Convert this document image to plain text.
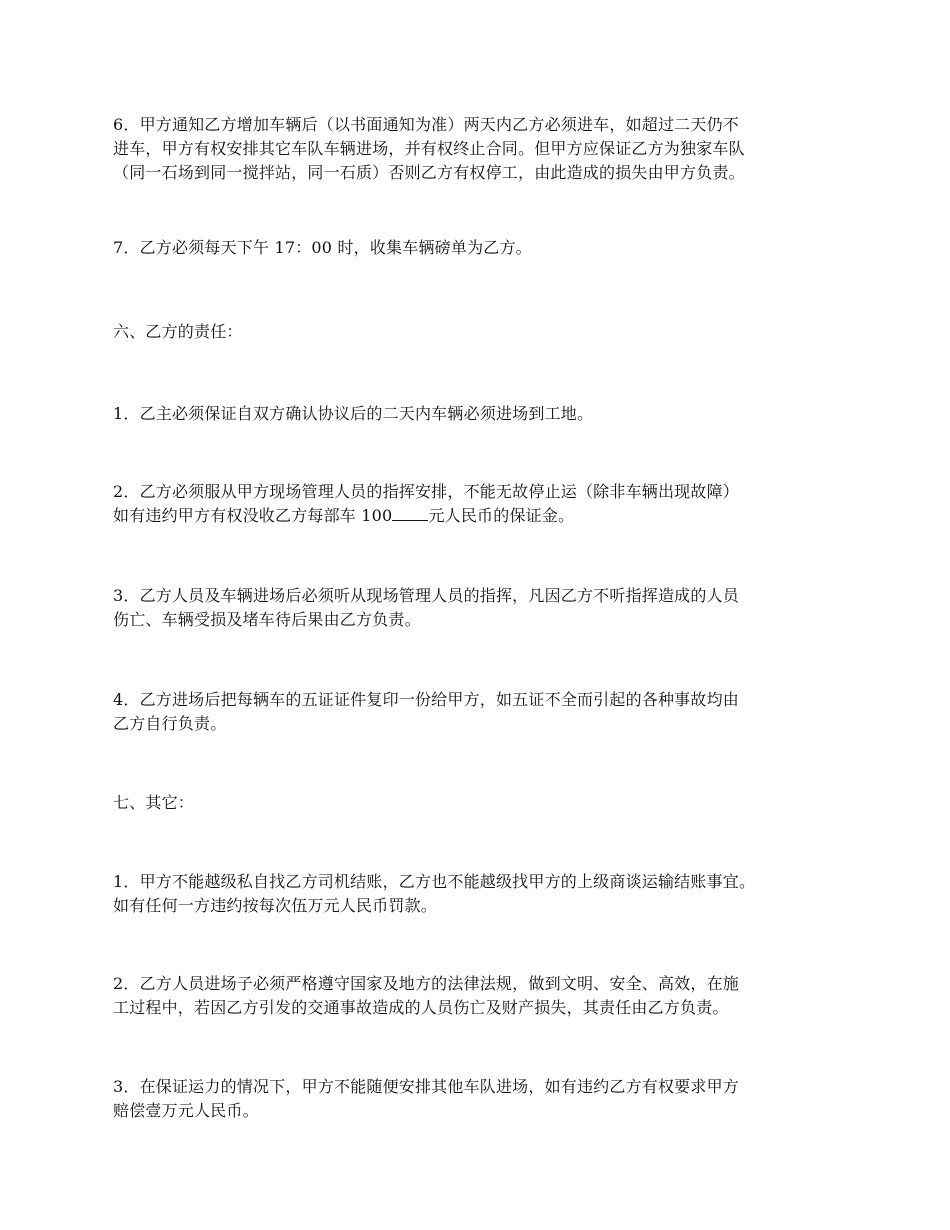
6．甲方通知乙方增加车辆后（以书面通知为准）两天内乙方必须进车，如超过二天仍不
进车，甲方有权安排其它车队车辆进场，并有权终止合同。但甲方应保证乙方为独家车队
（同一石场到同一搅拌站，同一石质）否则乙方有权停工，由此造成的损失由甲方负责。

7．乙方必须每天下午 17：00 时，收集车辆磅单为乙方。

六、乙方的责任：

1．乙主必须保证自双方确认协议后的二天内车辆必须进场到工地。

2．乙方必须服从甲方现场管理人员的指挥安排，不能无故停止运（除非车辆出现故障）
如有违约甲方有权没收乙方每部车 100 元人民币的保证金。

3．乙方人员及车辆进场后必须听从现场管理人员的指挥，凡因乙方不听指挥造成的人员
伤亡、车辆受损及堵车待后果由乙方负责。

4．乙方进场后把每辆车的五证证件复印一份给甲方，如五证不全而引起的各种事故均由
乙方自行负责。

七、其它：

1．甲方不能越级私自找乙方司机结账，乙方也不能越级找甲方的上级商谈运输结账事宜。
如有任何一方违约按每次伍万元人民币罚款。

2．乙方人员进场子必须严格遵守国家及地方的法律法规，做到文明、安全、高效，在施
工过程中，若因乙方引发的交通事故造成的人员伤亡及财产损失，其责任由乙方负责。

3．在保证运力的情况下，甲方不能随便安排其他车队进场，如有违约乙方有权要求甲方
赔偿壹万元人民币。
